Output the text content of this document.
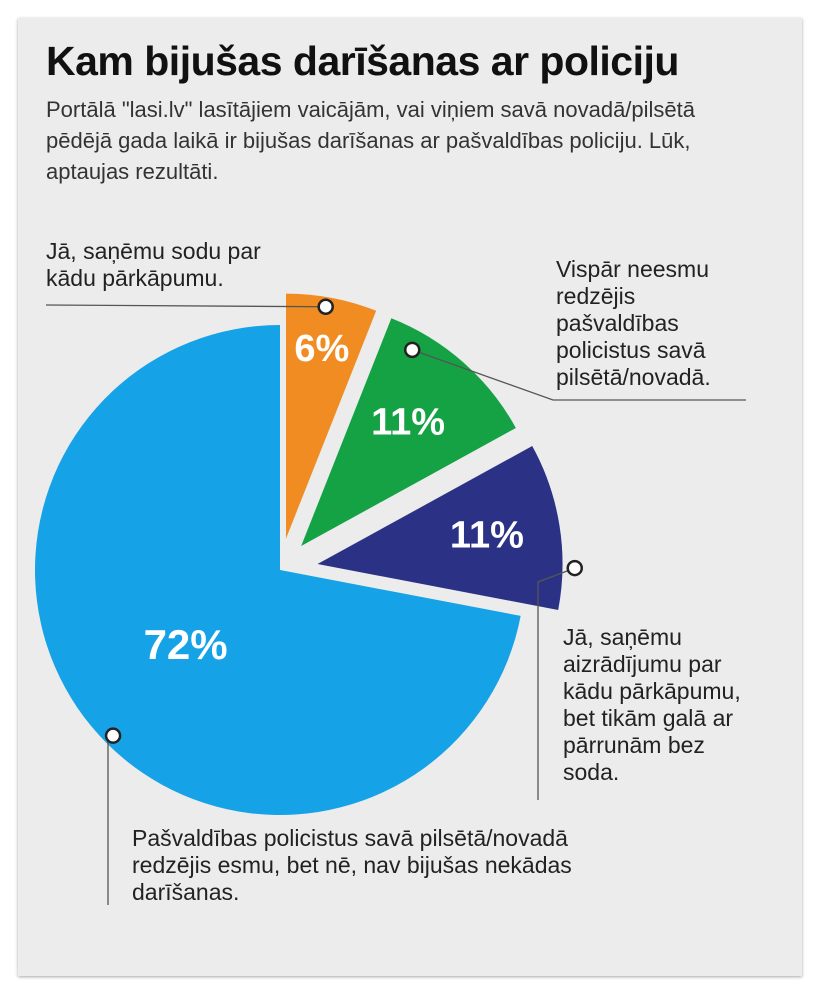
Kam bijušas darīšanas ar policiju
Portālā "lasi.lv" lasītājiem vaicājām, vai viņiem savā novadā/pilsētā pēdējā gada laikā ir bijušas darīšanas ar pašvaldības policiju. Lūk, aptaujas rezultāti.
6%
11%
11%
72%
Jā, saņēmu sodu par kādu pārkāpumu.	Vispār neesmu redzējis pašvaldības policistus savā pilsētā/novadā.
Jā, saņēmu aizrādījumu par kādu pārkāpumu, bet tikām galā ar pārrunām bez soda.
Pašvaldības policistus savā pilsētā/novadā redzējis esmu, bet nē, nav bijušas nekādas darīšanas.
